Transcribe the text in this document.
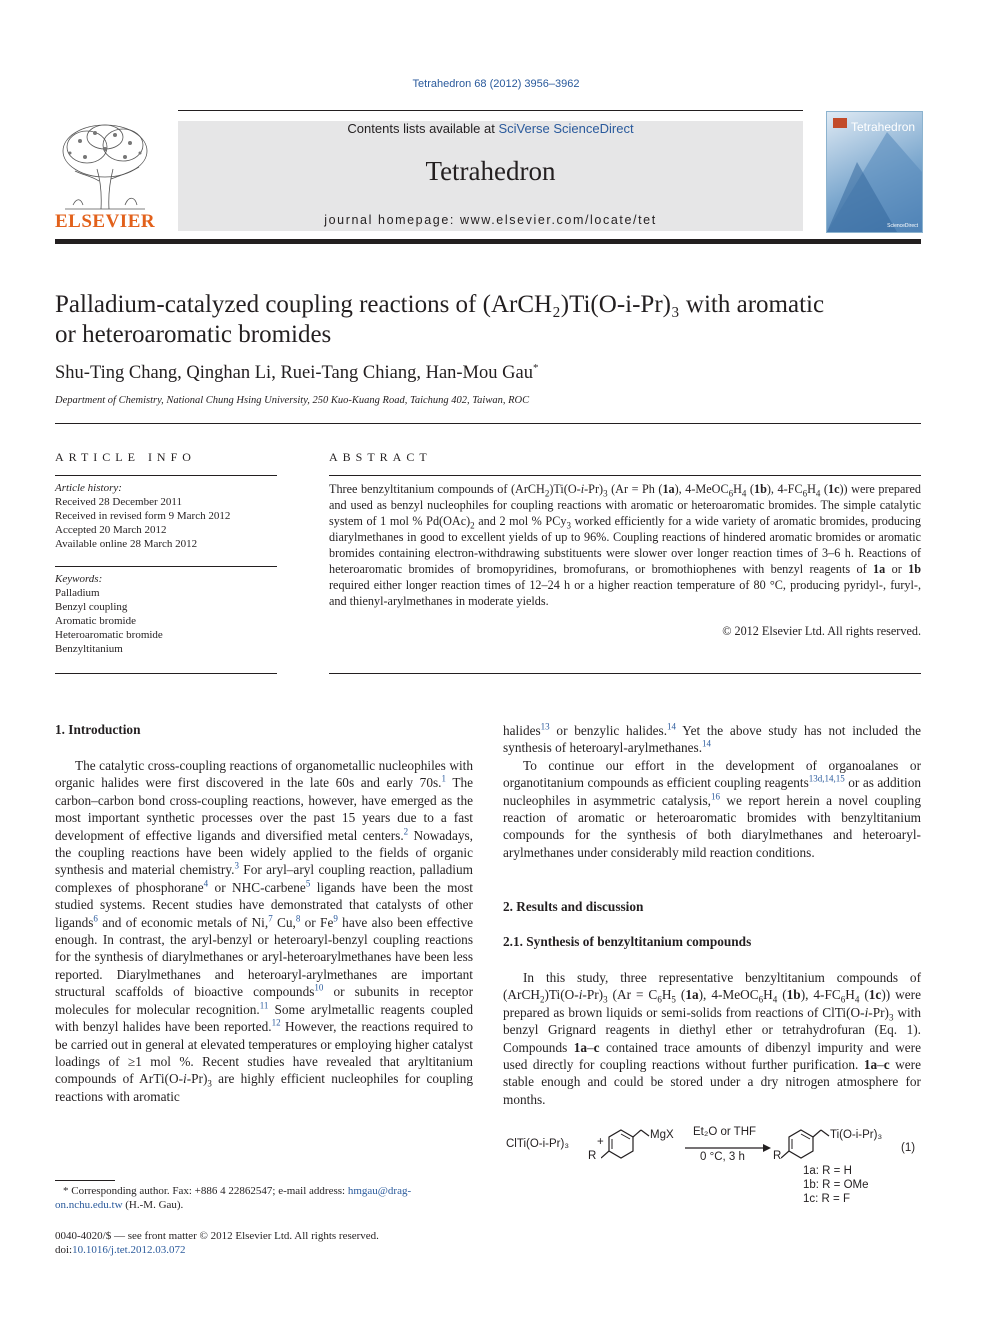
Tetrahedron 68 (2012) 3956–3962
ELSEVIER
Contents lists available at SciVerse ScienceDirect
Tetrahedron
journal homepage: www.elsevier.com/locate/tet
Tetrahedron
ScienceDirect
Palladium-catalyzed coupling reactions of (ArCH₂)Ti(O-i-Pr)₃ with aromatic
or heteroaromatic bromides
Shu-Ting Chang, Qinghan Li, Ruei-Tang Chiang, Han-Mou Gau*
Department of Chemistry, National Chung Hsing University, 250 Kuo-Kuang Road, Taichung 402, Taiwan, ROC
ARTICLE INFO
Article history:
Received 28 December 2011
Received in revised form 9 March 2012
Accepted 20 March 2012
Available online 28 March 2012
Keywords:
Palladium
Benzyl coupling
Aromatic bromide
Heteroaromatic bromide
Benzyltitanium
ABSTRACT
Three benzyltitanium compounds of $(ArCH_2)Ti(O-i-Pr)_3$ (Ar = Ph (1a), $4-MeOC_6H_4$ (1b), $4-FC_6H_4$ (1c)) were prepared and used as benzyl nucleophiles for coupling reactions with aromatic or heteroaromatic bromides. The simple catalytic system of 1 mol % $Pd(OAc)_2$ and 2 mol % PCy$_3$ worked efficiently for a wide variety of aromatic bromides, producing diarylmethanes in good to excellent yields of up to 96%. Coupling reactions of hindered aromatic bromides or aromatic bromides containing electron-withdrawing substituents were slower over longer reaction times of 3–6 h. Reactions of heteroaromatic bromides of bromopyridines, bromofurans, or bromothiophenes with benzyl reagents of 1a or 1b required either longer reaction times of 12–24 h or a higher reaction temperature of 80 °C, producing pyridyl-, furyl-, and thienyl-arylmethanes in moderate yields.
© 2012 Elsevier Ltd. All rights reserved.
1. Introduction

The catalytic cross-coupling reactions of organometallic nucleophiles with organic halides were first discovered in the late 60s and early 70s.$^1$ The carbon–carbon bond cross-coupling reactions, however, have emerged as the most important synthetic processes over the past 15 years due to a fast development of effective ligands and diversified metal centers.$^2$ Nowadays, the coupling reactions have been widely applied to the fields of organic synthesis and material chemistry.$^3$ For aryl–aryl coupling reaction, palladium complexes of phosphorane$^4$ or NHC-carbene$^5$ ligands have been the most studied systems. Recent studies have demonstrated that catalysts of other ligands$^6$ and of economic metals of Ni,$^7$ Cu,$^8$ or Fe$^9$ have also been effective enough. In contrast, the aryl-benzyl or heteroaryl-benzyl coupling reactions for the synthesis of diarylmethanes or aryl-heteroarylmethanes have been less reported. Diarylmethanes and heteroaryl-arylmethanes are important structural scaffolds of bioactive compounds$^{10}$ or subunits in receptor molecules for molecular recognition.$^{11}$ Some arylmetallic reagents coupled with benzyl halides have been reported.$^{12}$ However, the reactions required to be carried out in general at elevated temperatures or employing higher catalyst loadings of ≥1 mol %. Recent studies have revealed that aryltitanium compounds of $ArTi(O-i-Pr)_3$ are highly efficient nucleophiles for coupling reactions with aromatic

* Corresponding author. Fax: +886 4 22862547; e-mail address: hmgau@drag-
on.nchu.edu.tw (H.-M. Gau).
0040-4020/$ — see front matter © 2012 Elsevier Ltd. All rights reserved.
doi:10.1016/j.tet.2012.03.072
halides$^{13}$ or benzylic halides.$^{14}$ Yet the above study has not included the synthesis of heteroaryl-arylmethanes.$^{14}$

To continue our effort in the development of organoalanes or organotitanium compounds as efficient coupling reagents$^{13d,14,15}$ or as addition nucleophiles in asymmetric catalysis,$^{16}$ we report herein a novel coupling reaction of aromatic or heteroaromatic bromides with benzyltitanium compounds for the synthesis of both diarylmethanes and heteroaryl-arylmethanes under considerably mild reaction conditions.

2. Results and discussion
2.1. Synthesis of benzyltitanium compounds

In this study, three representative benzyltitanium compounds of $(ArCH_2)Ti(O-i-Pr)_3$ ($Ar = C_6H_5$ (1a), $4-MeOC_6H_4$ (1b), $4-FC_6H_4$ (1c)) were prepared as brown liquids or semi-solids from reactions of $ClTi(O-i-Pr)_3$ with benzyl Grignard reagents in diethyl ether or tetrahydrofuran (Eq. 1). Compounds 1a–c contained trace amounts of dibenzyl impurity and were used directly for coupling reactions without further purification. 1a–c were stable enough and could be stored under a dry nitrogen atmosphere for months.

ClTi(O-i-Pr)₃ +
MgX
R
Et₂O or THF
0 °C, 3 h
Ti(O-i-Pr)₃
R
(1)
1a: R = H
1b: R = OMe
1c: R = F
